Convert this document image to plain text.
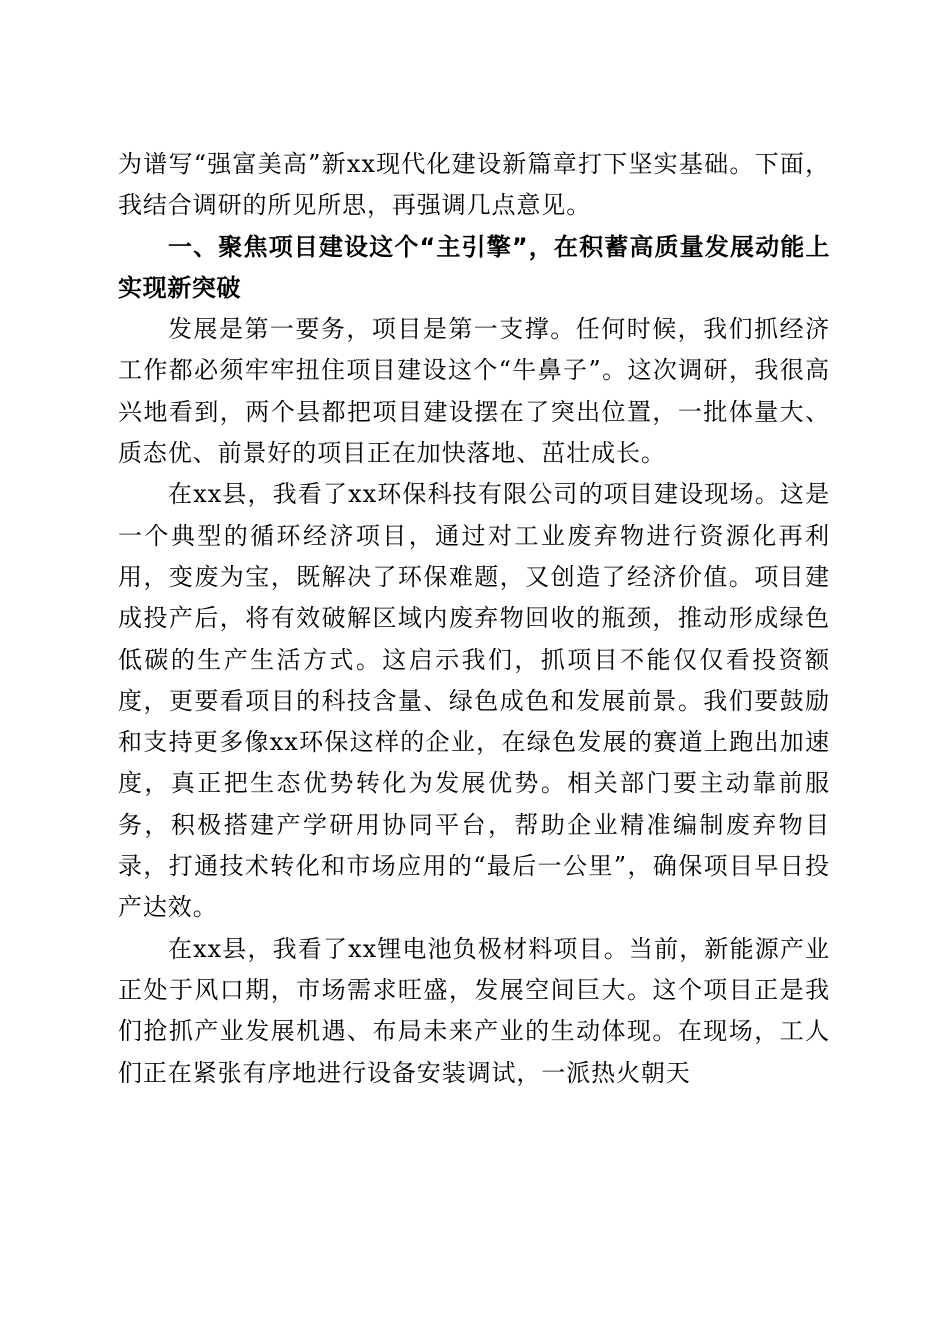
为谱写“强富美高”新xx现代化建设新篇章打下坚实基础。下面，我结合调研的所见所思，再强调几点意见。

一、聚焦项目建设这个“主引擎”，在积蓄高质量发展动能上实现新突破

发展是第一要务，项目是第一支撑。任何时候，我们抓经济工作都必须牢牢扭住项目建设这个“牛鼻子”。这次调研，我很高兴地看到，两个县都把项目建设摆在了突出位置，一批体量大、质态优、前景好的项目正在加快落地、茁壮成长。

在xx县，我看了xx环保科技有限公司的项目建设现场。这是一个典型的循环经济项目，通过对工业废弃物进行资源化再利用，变废为宝，既解决了环保难题，又创造了经济价值。项目建成投产后，将有效破解区域内废弃物回收的瓶颈，推动形成绿色低碳的生产生活方式。这启示我们，抓项目不能仅仅看投资额度，更要看项目的科技含量、绿色成色和发展前景。我们要鼓励和支持更多像xx环保这样的企业，在绿色发展的赛道上跑出加速度，真正把生态优势转化为发展优势。相关部门要主动靠前服务，积极搭建产学研用协同平台，帮助企业精准编制废弃物目录，打通技术转化和市场应用的“最后一公里”，确保项目早日投产达效。

在xx县，我看了xx锂电池负极材料项目。当前，新能源产业正处于风口期，市场需求旺盛，发展空间巨大。这个项目正是我们抢抓产业发展机遇、布局未来产业的生动体现。在现场，工人们正在紧张有序地进行设备安装调试，一派热火朝天
